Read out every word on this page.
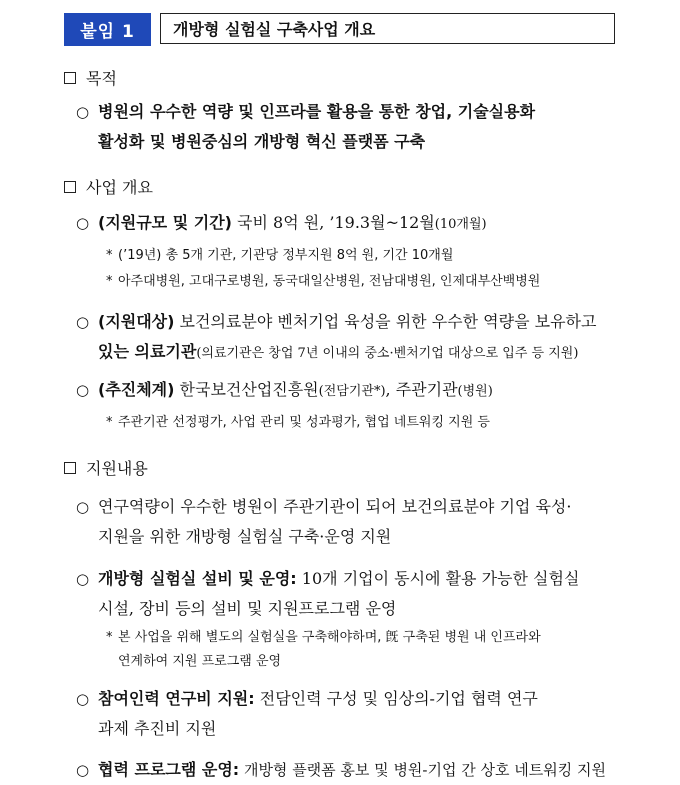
붙임 1	개방형 실험실 구축사업 개요
목적
○ 병원의 우수한 역량 및 인프라를 활용을 통한 창업, 기술실용화
활성화 및 병원중심의 개방형 혁신 플랫폼 구축
사업 개요
○ (지원규모 및 기간) 국비 8억 원, ’19.3월~12월(10개월)
* (’19년) 총 5개 기관, 기관당 정부지원 8억 원, 기간 10개월
* 아주대병원, 고대구로병원, 동국대일산병원, 전남대병원, 인제대부산백병원
○ (지원대상) 보건의료분야 벤처기업 육성을 위한 우수한 역량을 보유하고
있는 의료기관(의료기관은 창업 7년 이내의 중소·벤처기업 대상으로 입주 등 지원)
○ (추진체계) 한국보건산업진흥원(전담기관*), 주관기관(병원)
* 주관기관 선정평가, 사업 관리 및 성과평가, 협업 네트워킹 지원 등
지원내용
○ 연구역량이 우수한 병원이 주관기관이 되어 보건의료분야 기업 육성·
지원을 위한 개방형 실험실 구축·운영 지원
○ 개방형 실험실 설비 및 운영: 10개 기업이 동시에 활용 가능한 실험실
시설, 장비 등의 설비 및 지원프로그램 운영
* 본 사업을 위해 별도의 실험실을 구축해야하며, 旣 구축된 병원 내 인프라와
연계하여 지원 프로그램 운영
○ 참여인력 연구비 지원: 전담인력 구성 및 임상의-기업 협력 연구
과제 추진비 지원
○ 협력 프로그램 운영: 개방형 플랫폼 홍보 및 병원-기업 간 상호 네트워킹 지원
